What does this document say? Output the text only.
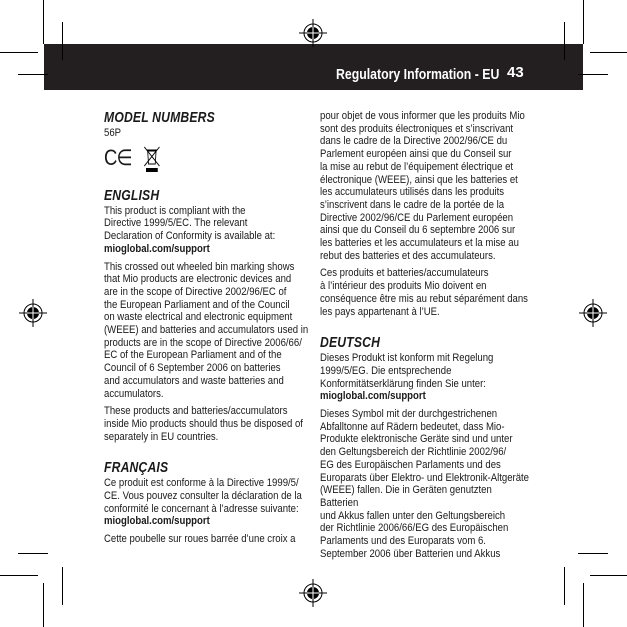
Regulatory Information - EU 43
MODEL NUMBERS
56P
C∈
ENGLISH
This product is compliant with the
Directive 1999/5/EC. The relevant
Declaration of Conformity is available at:
mioglobal.com/support
This crossed out wheeled bin marking shows
that Mio products are electronic devices and
are in the scope of Directive 2002/96/EC of
the European Parliament and of the Council
on waste electrical and electronic equipment
(WEEE) and batteries and accumulators used in
products are in the scope of Directive 2006/66/
EC of the European Parliament and of the
Council of 6 September 2006 on batteries
and accumulators and waste batteries and
accumulators.
These products and batteries/accumulators
inside Mio products should thus be disposed of
separately in EU countries.
FRANÇAIS
Ce produit est conforme à la Directive 1999/5/
CE. Vous pouvez consulter la déclaration de la
conformité le concernant à l’adresse suivante:
mioglobal.com/support
Cette poubelle sur roues barrée d’une croix a
pour objet de vous informer que les produits Mio
sont des produits électroniques et s’inscrivant
dans le cadre de la Directive 2002/96/CE du
Parlement européen ainsi que du Conseil sur
la mise au rebut de l’équipement électrique et
électronique (WEEE), ainsi que les batteries et
les accumulateurs utilisés dans les produits
s’inscrivent dans le cadre de la portée de la
Directive 2002/96/CE du Parlement européen
ainsi que du Conseil du 6 septembre 2006 sur
les batteries et les accumulateurs et la mise au
rebut des batteries et des accumulateurs.
Ces produits et batteries/accumulateurs
à l’intérieur des produits Mio doivent en
conséquence être mis au rebut séparément dans
les pays appartenant à l’UE.
DEUTSCH
Dieses Produkt ist konform mit Regelung
1999/5/EG. Die entsprechende
Konformitätserklärung finden Sie unter:
mioglobal.com/support
Dieses Symbol mit der durchgestrichenen
Abfalltonne auf Rädern bedeutet, dass Mio-
Produkte elektronische Geräte sind und unter
den Geltungsbereich der Richtlinie 2002/96/
EG des Europäischen Parlaments und des
Europarats über Elektro- und Elektronik-Altgeräte
(WEEE) fallen. Die in Geräten genutzten Batterien
und Akkus fallen unter den Geltungsbereich
der Richtlinie 2006/66/EG des Europäischen
Parlaments und des Europarats vom 6.
September 2006 über Batterien und Akkus
